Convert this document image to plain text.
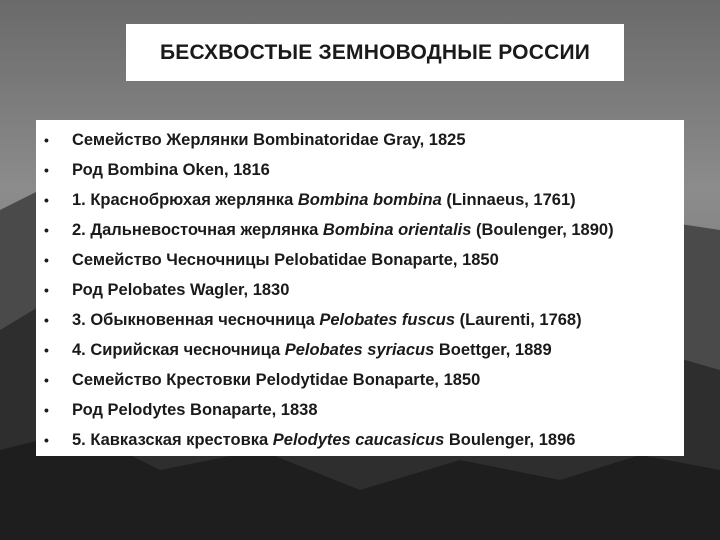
БЕСХВОСТЫЕ ЗЕМНОВОДНЫЕ РОССИИ
•	Семейство Жерлянки Bombinatoridae Gray, 1825
•	Род Bombina Oken, 1816
•	1. Краснобрюхая жерлянка Bombina bombina (Linnaeus, 1761)
•	2. Дальневосточная жерлянка Bombina orientalis (Boulenger, 1890)
•	Семейство Чесночницы Pelobatidae Bonaparte, 1850
•	Род Pelobates Wagler, 1830
•	3. Обыкновенная чесночница Pelobates fuscus (Laurenti, 1768)
•	4. Сирийская чесночница Pelobates syriacus Boettger, 1889
•	Семейство Крестовки Pelodytidae Bonaparte, 1850
•	Род Pelodytes Bonaparte, 1838
•	5. Кавказская крестовка Pelodytes caucasicus Boulenger, 1896
